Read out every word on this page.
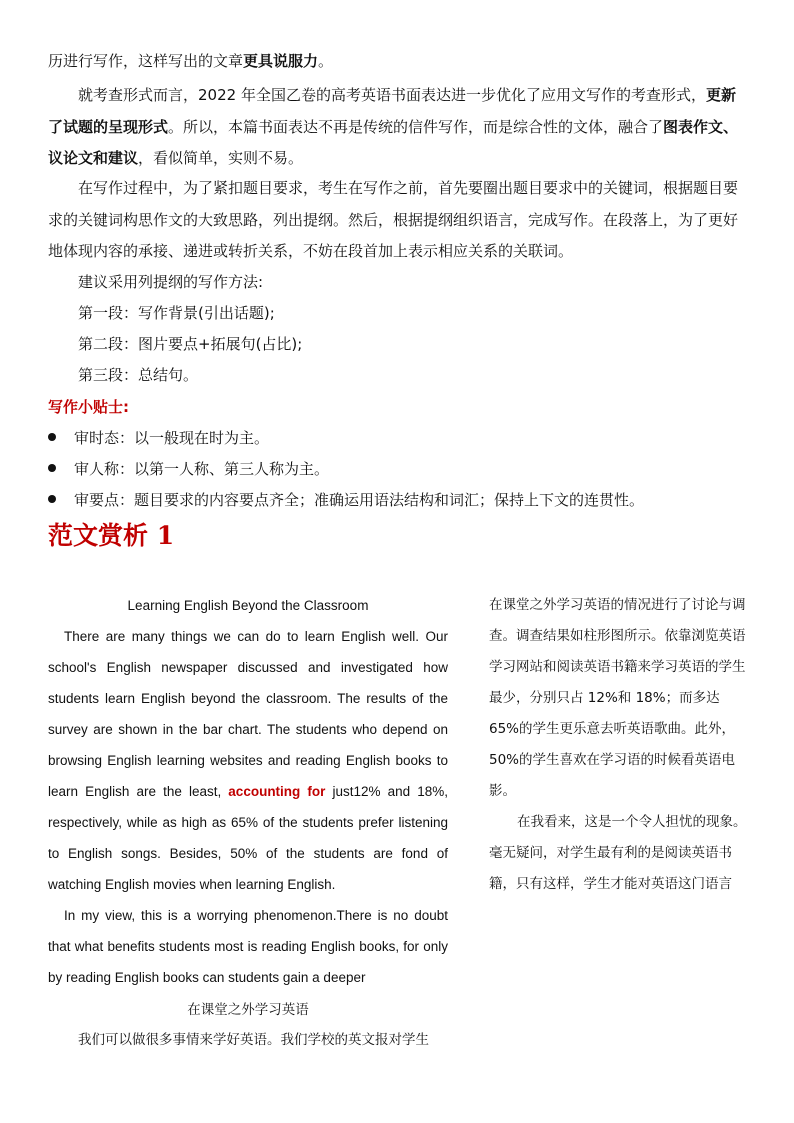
历进行写作，这样写出的文章更具说服力。

就考查形式而言，2022 年全国乙卷的高考英语书面表达进一步优化了应用文写作的考查形式，更新了试题的呈现形式。所以，本篇书面表达不再是传统的信件写作，而是综合性的文体，融合了图表作文、议论文和建议，看似简单，实则不易。

在写作过程中，为了紧扣题目要求，考生在写作之前，首先要圈出题目要求中的关键词，根据题目要求的关键词构思作文的大致思路，列出提纲。然后，根据提纲组织语言，完成写作。在段落上，为了更好地体现内容的承接、递进或转折关系，不妨在段首加上表示相应关系的关联词。

建议采用列提纲的写作方法:

第一段：写作背景(引出话题);

第二段：图片要点+拓展句(占比);

第三段：总结句。

写作小贴士:

审时态：以一般现在时为主。
审人称：以第一人称、第三人称为主。
审要点：题目要求的内容要点齐全；准确运用语法结构和词汇；保持上下文的连贯性。
范文赏析 1

Learning English Beyond the Classroom

There are many things we can do to learn English well. Our school's English newspaper discussed and investigated how students learn English beyond the classroom. The results of the survey are shown in the bar chart. The students who depend on browsing English learning websites and reading English books to learn English are the least, accounting for just12% and 18%, respectively, while as high as 65% of the students prefer listening to English songs. Besides, 50% of the students are fond of watching English movies when learning English.

In my view, this is a worrying phenomenon.There is no doubt that what benefits students most is reading English books, for only by reading English books can students gain a deeper

在课堂之外学习英语的情况进行了讨论与调查。调查结果如柱形图所示。依靠浏览英语学习网站和阅读英语书籍来学习英语的学生最少，分别只占 12%和 18%；而多达 65%的学生更乐意去听英语歌曲。此外，50%的学生喜欢在学习语的时候看英语电影。

在我看来，这是一个令人担忧的现象。毫无疑问，对学生最有利的是阅读英语书籍，只有这样，学生才能对英语这门语言

在课堂之外学习英语
我们可以做很多事情来学好英语。我们学校的英文报对学生
